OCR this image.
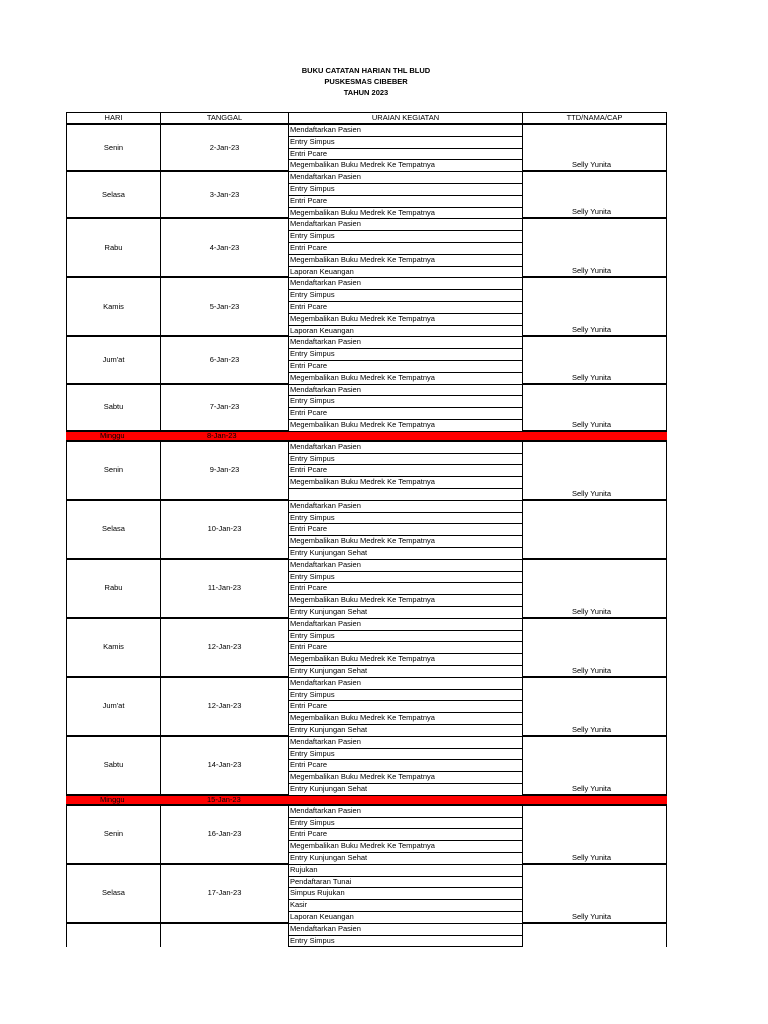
BUKU CATATAN HARIAN THL BLUD
PUSKESMAS CIBEBER
TAHUN 2023
HARI	TANGGAL	URAIAN KEGIATAN	TTD/NAMA/CAP
Senin	2-Jan-23
Mendaftarkan Pasien
Entry Simpus
Entri Pcare
Megembalikan Buku Medrek Ke Tempatnya	Selly Yunita
Selasa	3-Jan-23
Mendaftarkan Pasien
Entry Simpus
Entri Pcare
Megembalikan Buku Medrek Ke Tempatnya	Selly Yunita
Rabu	4-Jan-23
Mendaftarkan Pasien
Entry Simpus
Entri Pcare
Megembalikan Buku Medrek Ke Tempatnya
Laporan Keuangan	Selly Yunita
Kamis	5-Jan-23
Mendaftarkan Pasien
Entry Simpus
Entri Pcare
Megembalikan Buku Medrek Ke Tempatnya
Laporan Keuangan	Selly Yunita
Jum'at	6-Jan-23
Mendaftarkan Pasien
Entry Simpus
Entri Pcare
Megembalikan Buku Medrek Ke Tempatnya	Selly Yunita
Sabtu	7-Jan-23
Mendaftarkan Pasien
Entry Simpus
Entri Pcare
Megembalikan Buku Medrek Ke Tempatnya	Selly Yunita
Minggu	8-Jan-23
Senin	9-Jan-23
Mendaftarkan Pasien
Entry Simpus
Entri Pcare
Megembalikan Buku Medrek Ke Tempatnya
Selly Yunita
Selasa	10-Jan-23
Mendaftarkan Pasien
Entry Simpus
Entri Pcare
Megembalikan Buku Medrek Ke Tempatnya
Entry Kunjungan Sehat
Rabu	11-Jan-23
Mendaftarkan Pasien
Entry Simpus
Entri Pcare
Megembalikan Buku Medrek Ke Tempatnya
Entry Kunjungan Sehat	Selly Yunita
Kamis	12-Jan-23
Mendaftarkan Pasien
Entry Simpus
Entri Pcare
Megembalikan Buku Medrek Ke Tempatnya
Entry Kunjungan Sehat	Selly Yunita
Jum'at	12-Jan-23
Mendaftarkan Pasien
Entry Simpus
Entri Pcare
Megembalikan Buku Medrek Ke Tempatnya
Entry Kunjungan Sehat	Selly Yunita
Sabtu	14-Jan-23
Mendaftarkan Pasien
Entry Simpus
Entri Pcare
Megembalikan Buku Medrek Ke Tempatnya
Entry Kunjungan Sehat	Selly Yunita
Minggu	15-Jan-23
Senin	16-Jan-23
Mendaftarkan Pasien
Entry Simpus
Entri Pcare
Megembalikan Buku Medrek Ke Tempatnya
Entry Kunjungan Sehat	Selly Yunita
Selasa	17-Jan-23
Rujukan
Pendaftaran Tunai
Simpus Rujukan
Kasir
Laporan Keuangan	Selly Yunita
Mendaftarkan Pasien
Entry Simpus
